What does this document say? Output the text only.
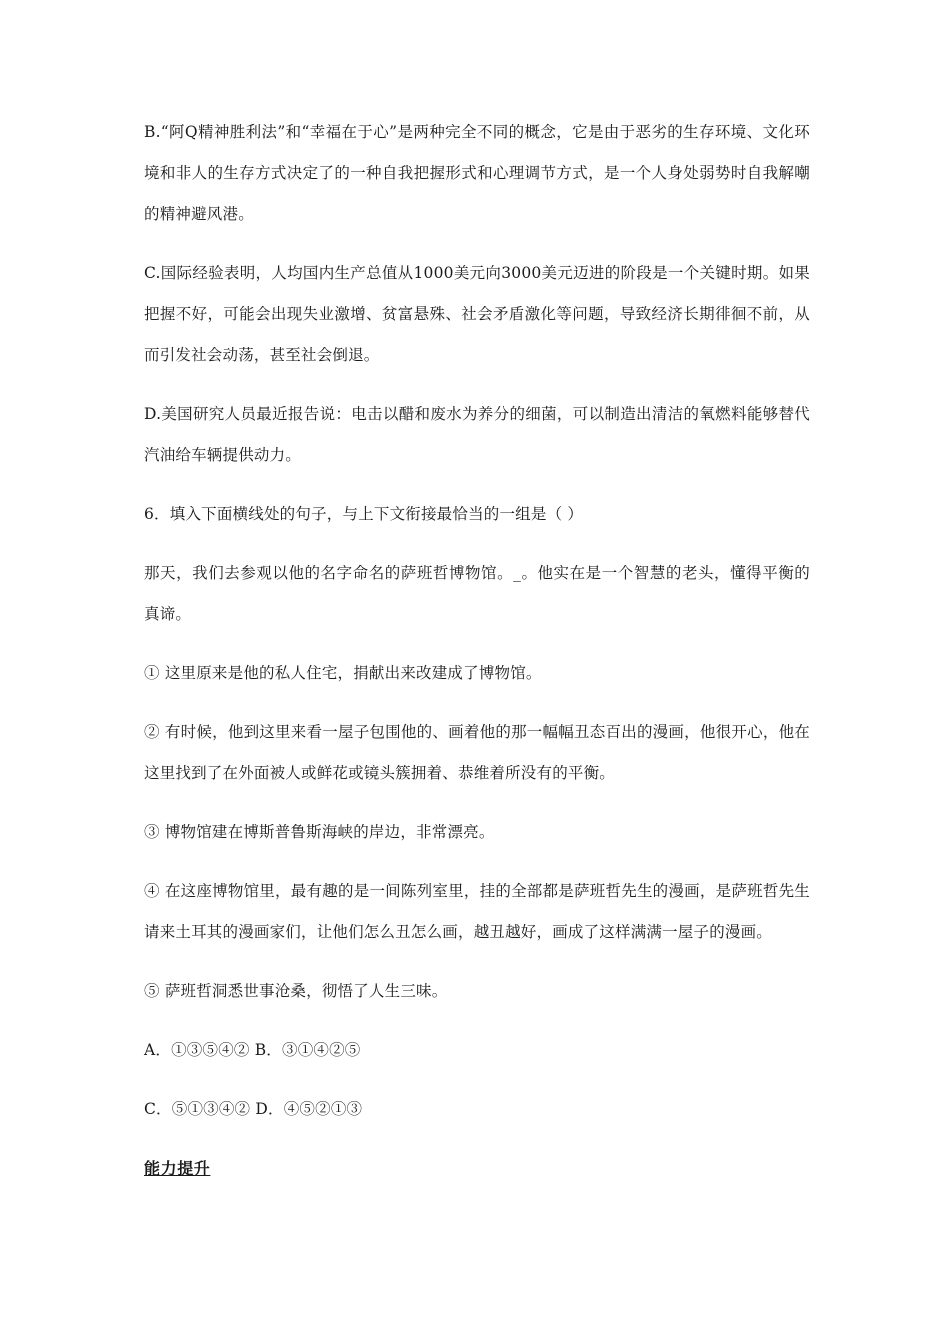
B.“阿Q精神胜利法”和“幸福在于心”是两种完全不同的概念，它是由于恶劣的生存环境、文化环境和非人的生存方式决定了的一种自我把握形式和心理调节方式，是一个人身处弱势时自我解嘲的精神避风港。

C.国际经验表明，人均国内生产总值从1000美元向3000美元迈进的阶段是一个关键时期。如果把握不好，可能会出现失业激增、贫富悬殊、社会矛盾激化等问题，导致经济长期徘徊不前，从而引发社会动荡，甚至社会倒退。

D.美国研究人员最近报告说：电击以醋和废水为养分的细菌，可以制造出清洁的氧燃料能够替代汽油给车辆提供动力。

6．填入下面横线处的句子，与上下文衔接最恰当的一组是（ ）

那天，我们去参观以他的名字命名的萨班哲博物馆。_。他实在是一个智慧的老头，懂得平衡的真谛。

① 这里原来是他的私人住宅，捐献出来改建成了博物馆。

② 有时候，他到这里来看一屋子包围他的、画着他的那一幅幅丑态百出的漫画，他很开心，他在这里找到了在外面被人或鲜花或镜头簇拥着、恭维着所没有的平衡。

③ 博物馆建在博斯普鲁斯海峡的岸边，非常漂亮。

④ 在这座博物馆里，最有趣的是一间陈列室里，挂的全部都是萨班哲先生的漫画，是萨班哲先生请来土耳其的漫画家们，让他们怎么丑怎么画，越丑越好，画成了这样满满一屋子的漫画。

⑤ 萨班哲洞悉世事沧桑，彻悟了人生三味。

A．①③⑤④② B．③①④②⑤

C．⑤①③④② D．④⑤②①③

能力提升
